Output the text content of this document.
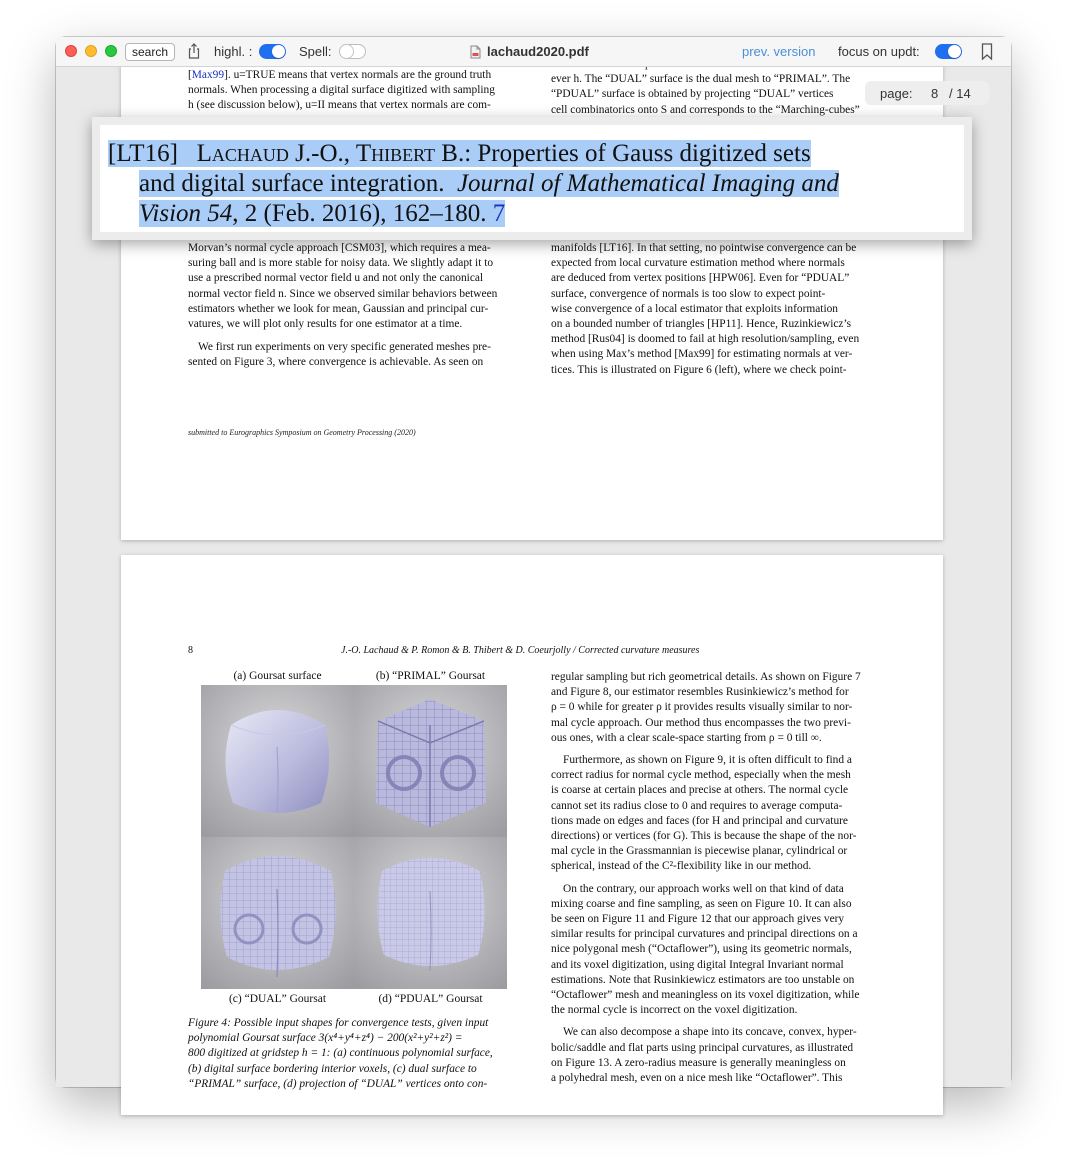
search	highl. :	Spell:	lachaud2020.pdf	prev. version focus on updt:

[Max99]. u=TRUE means that vertex normals are the ground truth

normals. When processing a digital surface digitized with sampling

h (see discussion below), u=II means that vertex normals are com-

ever h. The “DUAL” surface is the dual mesh to “PRIMAL”. The

“PDUAL” surface is obtained by projecting “DUAL” vertices

cell combinatorics onto S and corresponds to the “Marching-cubes”

Morvan’s normal cycle approach [CSM03], which requires a mea-

suring ball and is more stable for noisy data. We slightly adapt it to

use a prescribed normal vector field u and not only the canonical

normal vector field n. Since we observed similar behaviors between

estimators whether we look for mean, Gaussian and principal cur-

vatures, we will plot only results for one estimator at a time.

We first run experiments on very specific generated meshes pre-

sented on Figure 3, where convergence is achievable. As seen on

manifolds [LT16]. In that setting, no pointwise convergence can be

expected from local curvature estimation method where normals

are deduced from vertex positions [HPW06]. Even for “PDUAL”

surface, convergence of normals is too slow to expect point-

wise convergence of a local estimator that exploits information

on a bounded number of triangles [HP11]. Hence, Ruzinkiewicz’s

method [Rus04] is doomed to fail at high resolution/sampling, even

when using Max’s method [Max99] for estimating normals at ver-

tices. This is illustrated on Figure 6 (left), where we check point-

submitted to Eurographics Symposium on Geometry Processing (2020)
8	J.-O. Lachaud & P. Romon & B. Thibert & D. Coeurjolly / Corrected curvature measures
(a) Goursat surface	(b) “PRIMAL” Goursat
(c) “DUAL” Goursat	(d) “PDUAL” Goursat

Figure 4: Possible input shapes for convergence tests, given input

polynomial Goursat surface 3(x⁴+y⁴+z⁴) − 200(x²+y²+z²) =

800 digitized at gridstep h = 1: (a) continuous polynomial surface,

(b) digital surface bordering interior voxels, (c) dual surface to

“PRIMAL” surface, (d) projection of “DUAL” vertices onto con-

regular sampling but rich geometrical details. As shown on Figure 7

and Figure 8, our estimator resembles Rusinkiewicz’s method for

ρ = 0 while for greater ρ it provides results visually similar to nor-

mal cycle approach. Our method thus encompasses the two previ-

ous ones, with a clear scale-space starting from ρ = 0 till ∞.

Furthermore, as shown on Figure 9, it is often difficult to find a

correct radius for normal cycle method, especially when the mesh

is coarse at certain places and precise at others. The normal cycle

cannot set its radius close to 0 and requires to average computa-

tions made on edges and faces (for H and principal and curvature

directions) or vertices (for G). This is because the shape of the nor-

mal cycle in the Grassmannian is piecewise planar, cylindrical or

spherical, instead of the C²-flexibility like in our method.

On the contrary, our approach works well on that kind of data

mixing coarse and fine sampling, as seen on Figure 10. It can also

be seen on Figure 11 and Figure 12 that our approach gives very

similar results for principal curvatures and principal directions on a

nice polygonal mesh (“Octaflower”), using its geometric normals,

and its voxel digitization, using digital Integral Invariant normal

estimations. Note that Rusinkiewicz estimators are too unstable on

“Octaflower” mesh and meaningless on its voxel digitization, while

the normal cycle is incorrect on the voxel digitization.

We can also decompose a shape into its concave, convex, hyper-

bolic/saddle and flat parts using principal curvatures, as illustrated

on Figure 13. A zero-radius measure is generally meaningless on

a polyhedral mesh, even on a nice mesh like “Octaflower”. This

page: 8 / 14
[LT16] Lachaud J.-O., Thibert B.: Properties of Gauss digitized sets
and digital surface integration. Journal of Mathematical Imaging and
Vision 54, 2 (Feb. 2016), 162–180. 7
